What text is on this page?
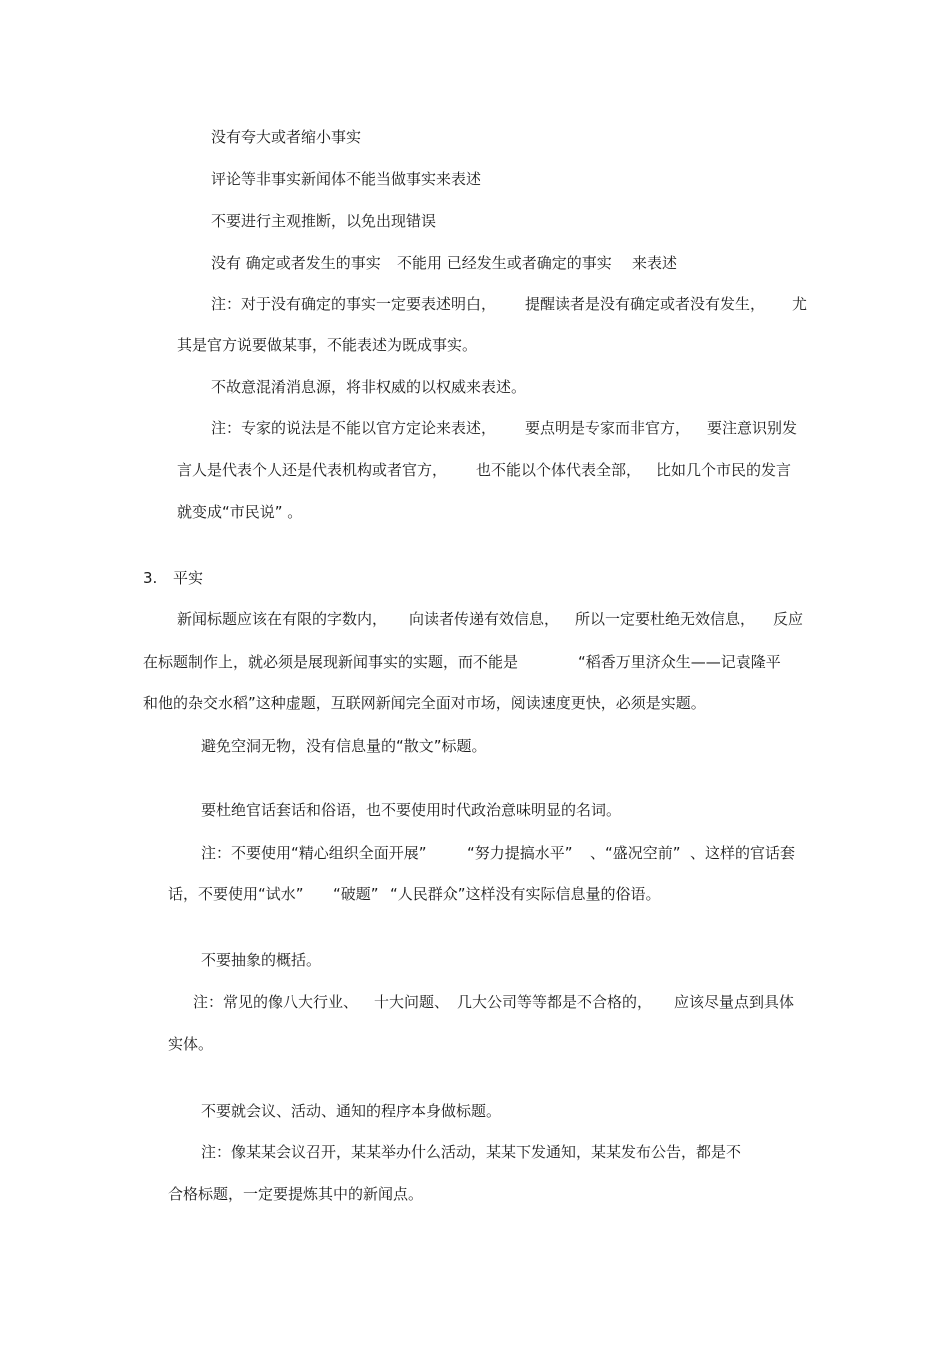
没有夸大或者缩小事实

评论等非事实新闻体不能当做事实来表述

不要进行主观推断，以免出现错误

没有 确定或者发生的事实 不能用 已经发生或者确定的事实 来表述

注：对于没有确定的事实一定要表述明白， 提醒读者是没有确定或者没有发生， 尤

其是官方说要做某事，不能表述为既成事实。

不故意混淆消息源，将非权威的以权威来表述。

注：专家的说法是不能以官方定论来表述， 要点明是专家而非官方， 要注意识别发

言人是代表个人还是代表机构或者官方， 也不能以个体代表全部， 比如几个市民的发言

就变成“市民说” 。

3. 平实

新闻标题应该在有限的字数内， 向读者传递有效信息， 所以一定要杜绝无效信息， 反应

在标题制作上，就必须是展现新闻事实的实题，而不能是	“稻香万里济众生——记袁隆平

和他的杂交水稻”这种虚题，互联网新闻完全面对市场，阅读速度更快，必须是实题。

避免空洞无物，没有信息量的“散文”标题。

要杜绝官话套话和俗语，也不要使用时代政治意味明显的名词。

注：不要使用“精心组织全面开展”	“努力提搞水平” 、“盛况空前” 、这样的官话套

话，不要使用“试水” “破题” “人民群众”这样没有实际信息量的俗语。

不要抽象的概括。

注：常见的像八大行业、 十大问题、 几大公司等等都是不合格的， 应该尽量点到具体

实体。

不要就会议、活动、通知的程序本身做标题。

注：像某某会议召开，某某举办什么活动，某某下发通知，某某发布公告，都是不

合格标题，一定要提炼其中的新闻点。
